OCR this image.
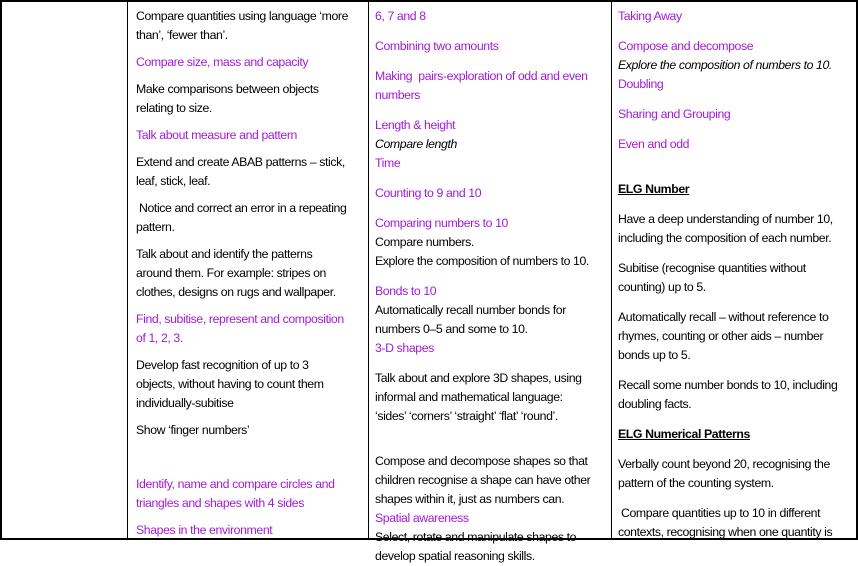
Compare quantities using language ‘more
than’, ‘fewer than’.
Compare size, mass and capacity
Make comparisons between objects
relating to size.
Talk about measure and pattern
Extend and create ABAB patterns – stick,
leaf, stick, leaf.
Notice and correct an error in a repeating
pattern.
Talk about and identify the patterns
around them. For example: stripes on
clothes, designs on rugs and wallpaper.
Find, subitise, represent and composition
of 1, 2, 3.
Develop fast recognition of up to 3
objects, without having to count them
individually-subitise
Show ‘finger numbers’
Identify, name and compare circles and
triangles and shapes with 4 sides
Shapes in the environment
6, 7 and 8
Combining two amounts
Making  pairs-exploration of odd and even
numbers
Length & height
Compare length
Time
Counting to 9 and 10
Comparing numbers to 10
Compare numbers.
Explore the composition of numbers to 10.
Bonds to 10
Automatically recall number bonds for
numbers 0–5 and some to 10.
3-D shapes
Talk about and explore 3D shapes, using
informal and mathematical language:
‘sides’ ‘corners’ ‘straight’ ‘flat’ ‘round’.
Compose and decompose shapes so that
children recognise a shape can have other
shapes within it, just as numbers can.
Spatial awareness
Select, rotate and manipulate shapes to
develop spatial reasoning skills.
Taking Away
Compose and decompose
Explore the composition of numbers to 10.
Doubling
Sharing and Grouping
Even and odd
ELG Number
Have a deep understanding of number 10,
including the composition of each number.
Subitise (recognise quantities without
counting) up to 5.
Automatically recall – without reference to
rhymes, counting or other aids – number
bonds up to 5.
Recall some number bonds to 10, including
doubling facts.
ELG Numerical Patterns
Verbally count beyond 20, recognising the
pattern of the counting system.
Compare quantities up to 10 in different
contexts, recognising when one quantity is
